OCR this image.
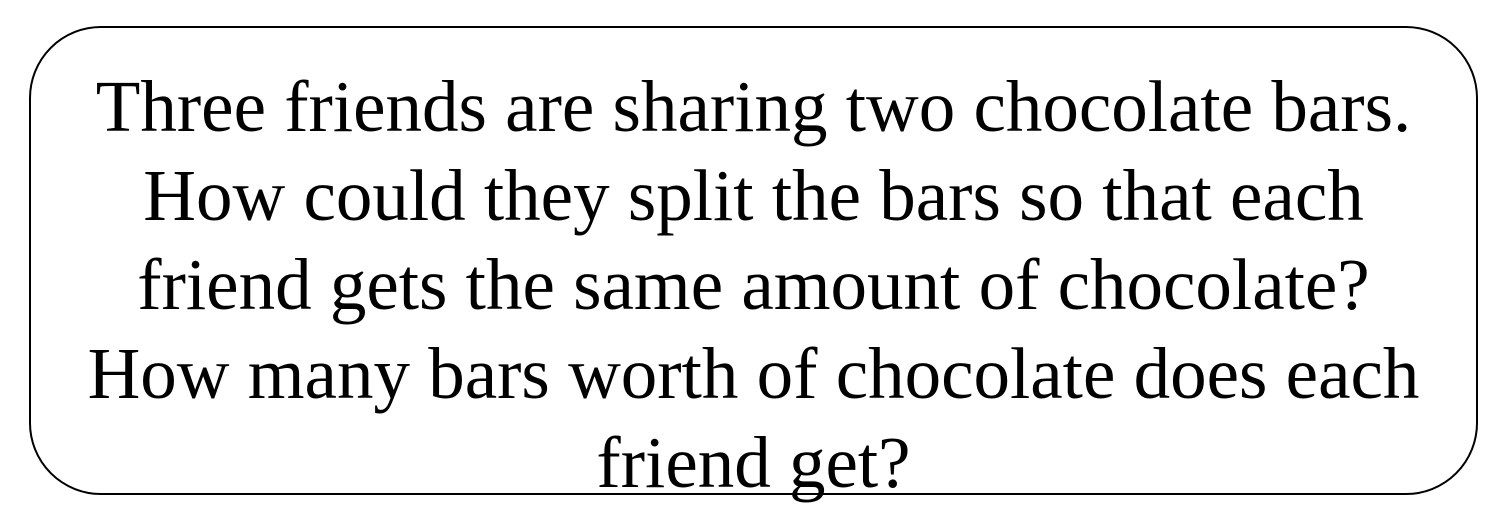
Three friends are sharing two chocolate bars.
How could they split the bars so that each
friend gets the same amount of chocolate?
How many bars worth of chocolate does each
friend get?
